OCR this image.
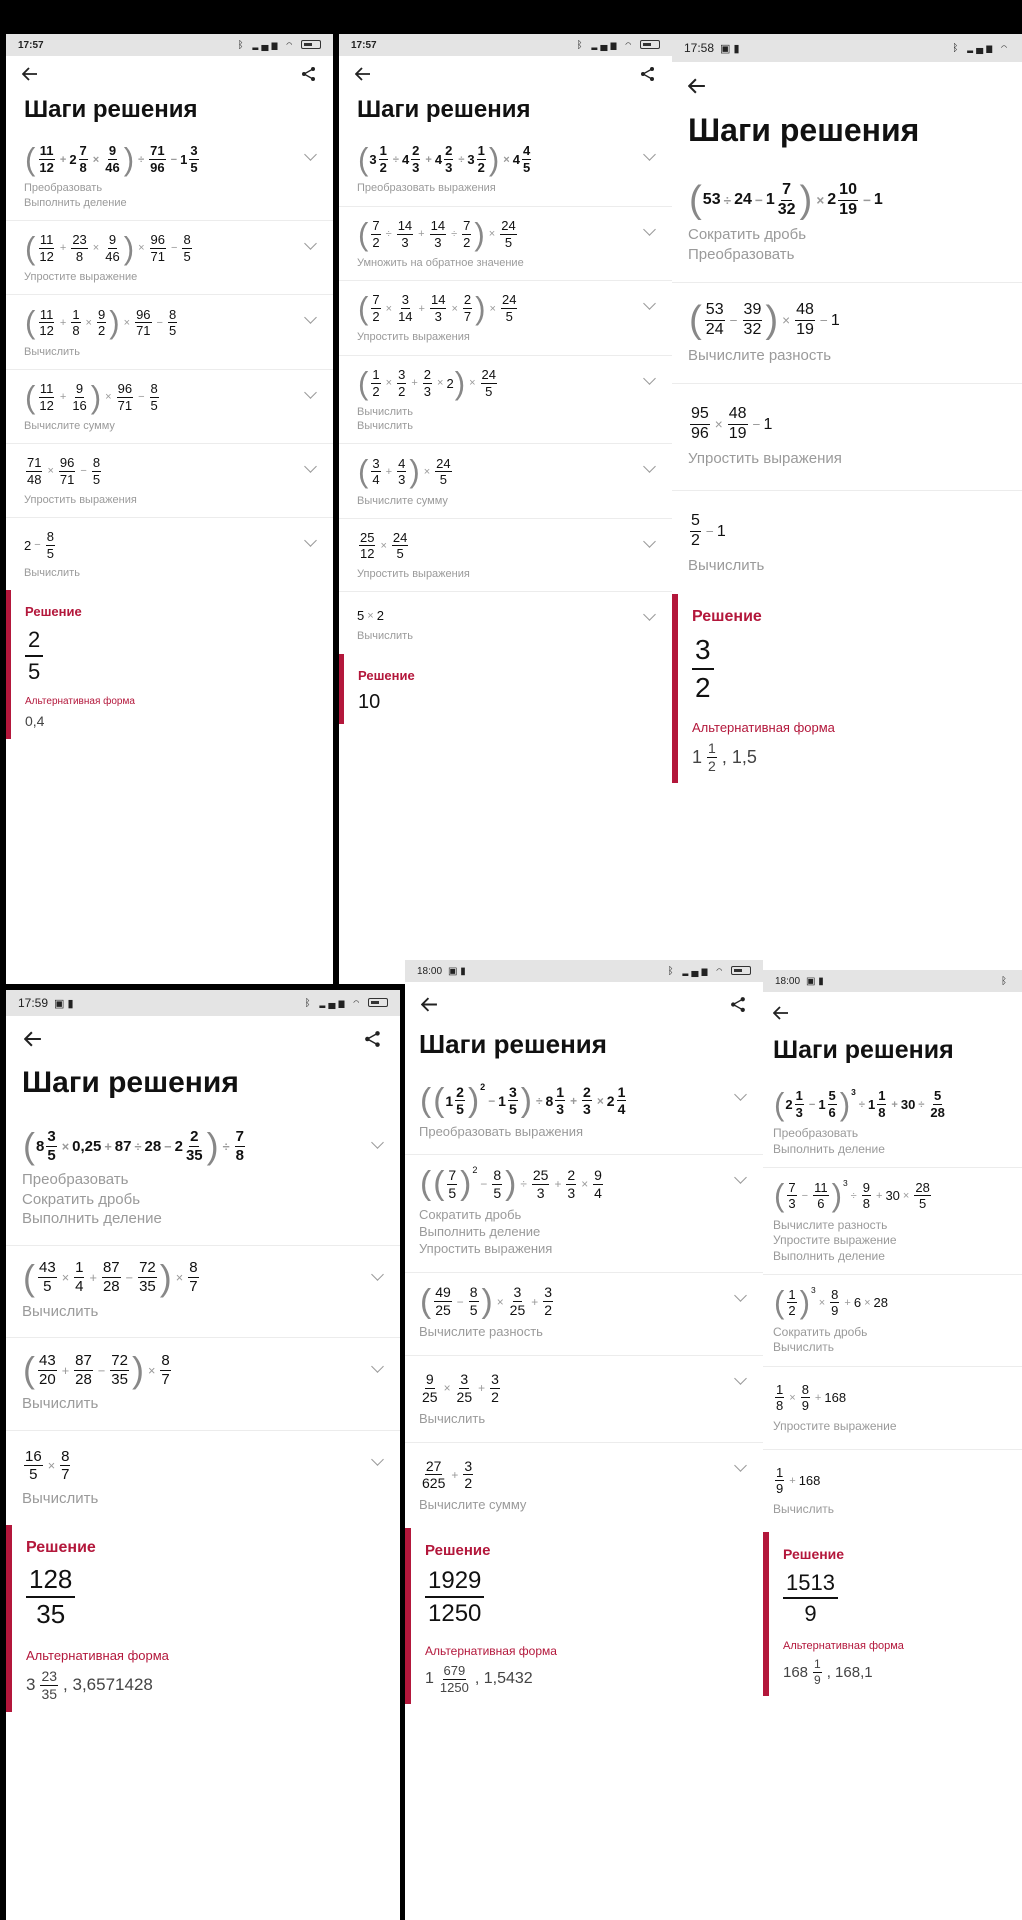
17:57	ᛒ ▂▄▆ ◠
Шаги решения
( $\frac{11}{12} + 2 \frac{7}{8} \times \frac{9}{46}$ ) ÷ $\frac{71}{96} - 1 \frac{3}{5}$
Преобразовать
Выполнить деление
( $\frac{11}{12} + \frac{23}{8} \times \frac{9}{46}$ ) × $\frac{96}{71} - \frac{8}{5}$
Упростите выражение
( $\frac{11}{12} + \frac{1}{8} \times \frac{9}{2}$ ) × $\frac{96}{71} - \frac{8}{5}$
Вычислить
( $\frac{11}{12} + \frac{9}{16}$ ) × $\frac{96}{71} - \frac{8}{5}$
Вычислите сумму
$\frac{71}{48} \times \frac{96}{71} - \frac{8}{5}$
Упростить выражения
$2 - \frac{8}{5}$
Вычислить
Решение
$\frac{2}{5}$
Альтернативная форма
0,4
17:57	ᛒ ▂▄▆ ◠
Шаги решения
( $3 \frac{1}{2} \div 4 \frac{2}{3} + 4 \frac{2}{3} \div 3 \frac{1}{2}$ ) × $4 \frac{4}{5}$
Преобразовать выражения
( $\frac{7}{2} \div \frac{14}{3} + \frac{14}{3} \div \frac{7}{2}$ ) × $\frac{24}{5}$
Умножить на обратное значение
( $\frac{7}{2} \times \frac{3}{14} + \frac{14}{3} \times \frac{2}{7}$ ) × $\frac{24}{5}$
Упростить выражения
( $\frac{1}{2} \times \frac{3}{2} + \frac{2}{3} \times 2$ ) × $\frac{24}{5}$
Вычислить
Вычислить
( $\frac{3}{4} + \frac{4}{3}$ ) × $\frac{24}{5}$
Вычислите сумму
$\frac{25}{12} \times \frac{24}{5}$
Упростить выражения
5 × 2
Вычислить
Решение
10
17:58 ▣ ▮	ᛒ ▂▄▆ ◠
Шаги решения
( $53 \div 24 - 1 \frac{7}{32}$ ) × $2 \frac{10}{19} - 1$
Сократить дробь
Преобразовать
( $\frac{53}{24} - \frac{39}{32}$ ) × $\frac{48}{19} - 1$
Вычислите разность
$\frac{95}{96} \times \frac{48}{19} - 1$
Упростить выражения
$\frac{5}{2} - 1$
Вычислить
Решение
$\frac{3}{2}$
Альтернативная форма
$1 \frac{1}{2}$ , 1,5
17:59 ▣ ▮	ᛒ ▂▄▆ ◠
Шаги решения
( $8 \frac{3}{5} \times 0,25 + 87 \div 28 - 2 \frac{2}{35}$ ) ÷ $\frac{7}{8}$
Преобразовать
Сократить дробь
Выполнить деление
( $\frac{43}{5} \times \frac{1}{4} + \frac{87}{28} - \frac{72}{35}$ ) × $\frac{8}{7}$
Вычислить
( $\frac{43}{20} + \frac{87}{28} - \frac{72}{35}$ ) × $\frac{8}{7}$
Вычислить
$\frac{16}{5} \times \frac{8}{7}$
Вычислить
Решение
$\frac{128}{35}$
Альтернативная форма
$3 \frac{23}{35}$ , 3,6571428
18:00 ▣ ▮	ᛒ ▂▄▆ ◠
Шаги решения
( ( $1 \frac{2}{5}$ ) 2
− $1 \frac{3}{5}$ ) ÷ $8 \frac{1}{3} + \frac{2}{3} \times 2 \frac{1}{4}$
Преобразовать выражения
( ( $\frac{7}{5}$ ) 2
− $\frac{8}{5}$ ) ÷ $\frac{25}{3} + \frac{2}{3} \times \frac{9}{4}$
Сократить дробь
Выполнить деление
Упростить выражения
( $\frac{49}{25} - \frac{8}{5}$ ) × $\frac{3}{25} + \frac{3}{2}$
Вычислите разность
$\frac{9}{25} \times \frac{3}{25} + \frac{3}{2}$
Вычислить
$\frac{27}{625} + \frac{3}{2}$
Вычислите сумму
Решение
$\frac{1929}{1250}$
Альтернативная форма
$1 \frac{679}{1250}$ , 1,5432
18:00 ▣ ▮	ᛒ
Шаги решения
( $2 \frac{1}{3} - 1 \frac{5}{6}$ ) 3
÷ $1 \frac{1}{8} + 30 \div \frac{5}{28}$
Преобразовать
Выполнить деление
( $\frac{7}{3} - \frac{11}{6}$ ) 3
÷ $\frac{9}{8} + 30 \times \frac{28}{5}$
Вычислите разность
Упростите выражение
Выполнить деление
( $\frac{1}{2}$ ) 3
× $\frac{8}{9} + 6 \times 28$
Сократить дробь
Вычислить
$\frac{1}{8} \times \frac{8}{9} + 168$
Упростите выражение
$\frac{1}{9} + 168$
Вычислить
Решение
$\frac{1513}{9}$
Альтернативная форма
$168 \frac{1}{9}$ , 168,1
